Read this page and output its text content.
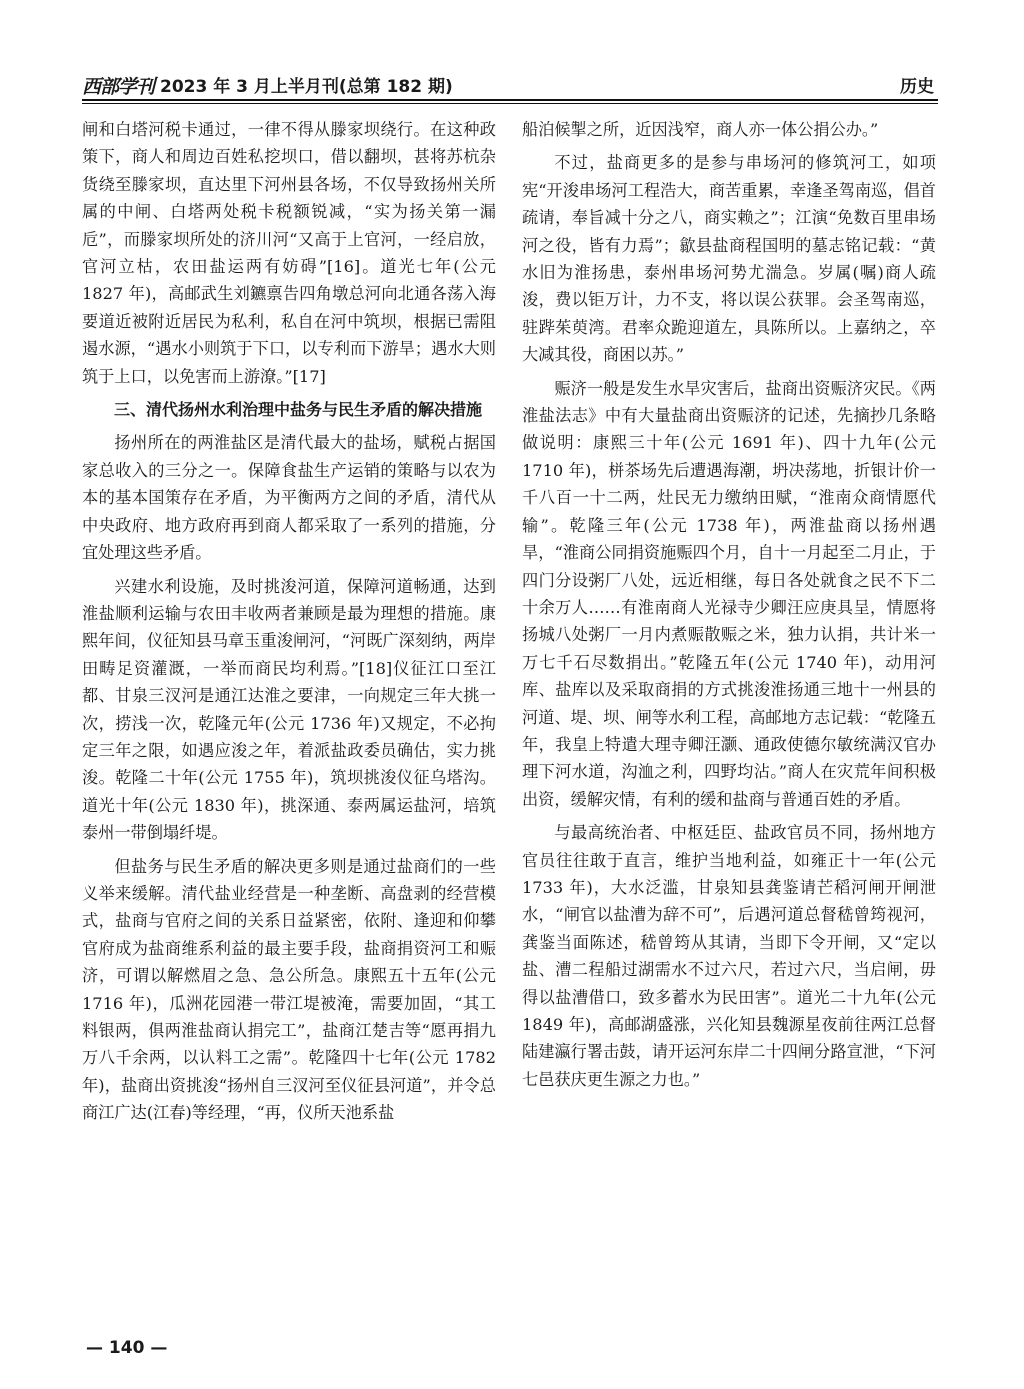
西部学刊 2023 年 3 月上半月刊(总第 182 期)	历史

闸和白塔河税卡通过，一律不得从滕家坝绕行。在这种政策下，商人和周边百姓私挖坝口，借以翻坝，甚将苏杭杂货绕至滕家坝，直达里下河州县各场，不仅导致扬州关所属的中闸、白塔两处税卡税额锐减，“实为扬关第一漏卮”，而滕家坝所处的济川河“又高于上官河，一经启放，官河立枯，农田盐运两有妨碍”[16]。道光七年(公元 1827 年)，高邮武生刘鑣禀告四角墩总河向北通各荡入海要道近被附近居民为私利，私自在河中筑坝，根据已需阻遏水源，“遇水小则筑于下口，以专利而下游旱；遇水大则筑于上口，以免害而上游潦。”[17]

三、清代扬州水利治理中盐务与民生矛盾的解决措施

扬州所在的两淮盐区是清代最大的盐场，赋税占据国家总收入的三分之一。保障食盐生产运销的策略与以农为本的基本国策存在矛盾，为平衡两方之间的矛盾，清代从中央政府、地方政府再到商人都采取了一系列的措施，分宜处理这些矛盾。

兴建水利设施，及时挑浚河道，保障河道畅通，达到淮盐顺利运输与农田丰收两者兼顾是最为理想的措施。康熙年间，仪征知县马章玉重浚闸河，“河既广深刻纳，两岸田畴足资灌溉，一举而商民均利焉。”[18]仪征江口至江都、甘泉三汊河是通江达淮之要津，一向规定三年大挑一次，捞浅一次，乾隆元年(公元 1736 年)又规定，不必拘定三年之限，如遇应浚之年，着派盐政委员确估，实力挑浚。乾隆二十年(公元 1755 年)，筑坝挑浚仪征乌塔沟。道光十年(公元 1830 年)，挑深通、泰两属运盐河，培筑泰州一带倒塌纤堤。

但盐务与民生矛盾的解决更多则是通过盐商们的一些义举来缓解。清代盐业经营是一种垄断、高盘剥的经营模式，盐商与官府之间的关系日益紧密，依附、逢迎和仰攀官府成为盐商维系利益的最主要手段，盐商捐资河工和赈济，可谓以解燃眉之急、急公所急。康熙五十五年(公元 1716 年)，瓜洲花园港一带江堤被淹，需要加固，“其工料银两，俱两淮盐商认捐完工”，盐商江楚吉等“愿再捐九万八千余两，以认料工之需”。乾隆四十七年(公元 1782 年)，盐商出资挑浚“扬州自三汊河至仪征县河道”，并令总商江广达(江春)等经理，“再，仪所天池系盐

船泊候掣之所，近因浅窄，商人亦一体公捐公办。”

不过，盐商更多的是参与串场河的修筑河工，如项宪“开浚串场河工程浩大，商苦重累，幸逢圣驾南巡，倡首疏请，奉旨减十分之八，商实赖之”；江演“免数百里串场河之役，皆有力焉”；歙县盐商程国明的墓志铭记载：“黄水旧为淮扬患，泰州串场河势尤湍急。岁属(嘱)商人疏浚，费以钜万计，力不支，将以误公获罪。会圣驾南巡，驻跸茱萸湾。君率众跪迎道左，具陈所以。上嘉纳之，卒大减其役，商困以苏。”

赈济一般是发生水旱灾害后，盐商出资赈济灾民。《两淮盐法志》中有大量盐商出资赈济的记述，先摘抄几条略做说明：康熙三十年(公元 1691 年)、四十九年(公元 1710 年)，栟茶场先后遭遇海潮，坍决荡地，折银计价一千八百一十二两，灶民无力缴纳田赋，“淮南众商情愿代输”。乾隆三年(公元 1738 年)，两淮盐商以扬州遇旱，“淮商公同捐资施赈四个月，自十一月起至二月止，于四门分设粥厂八处，远近相继，每日各处就食之民不下二十余万人……有淮南商人光禄寺少卿汪应庚具呈，情愿将扬城八处粥厂一月内煮赈散赈之米，独力认捐，共计米一万七千石尽数捐出。”乾隆五年(公元 1740 年)，动用河库、盐库以及采取商捐的方式挑浚淮扬通三地十一州县的河道、堤、坝、闸等水利工程，高邮地方志记载：“乾隆五年，我皇上特遣大理寺卿汪灏、通政使德尔敏统满汉官办理下河水道，沟洫之利，四野均沾。”商人在灾荒年间积极出资，缓解灾情，有利的缓和盐商与普通百姓的矛盾。

与最高统治者、中枢廷臣、盐政官员不同，扬州地方官员往往敢于直言，维护当地利益，如雍正十一年(公元 1733 年)，大水泛滥，甘泉知县龚鉴请芒稻河闸开闸泄水，“闸官以盐漕为辞不可”，后遇河道总督嵇曾筠视河，龚鉴当面陈述，嵇曾筠从其请，当即下令开闸，又“定以盐、漕二程船过湖需水不过六尺，若过六尺，当启闸，毋得以盐漕借口，致多蓄水为民田害”。道光二十九年(公元 1849 年)，高邮湖盛涨，兴化知县魏源星夜前往两江总督陆建瀛行署击鼓，请开运河东岸二十四闸分路宣泄，“下河七邑获庆更生源之力也。”

— 140 —
